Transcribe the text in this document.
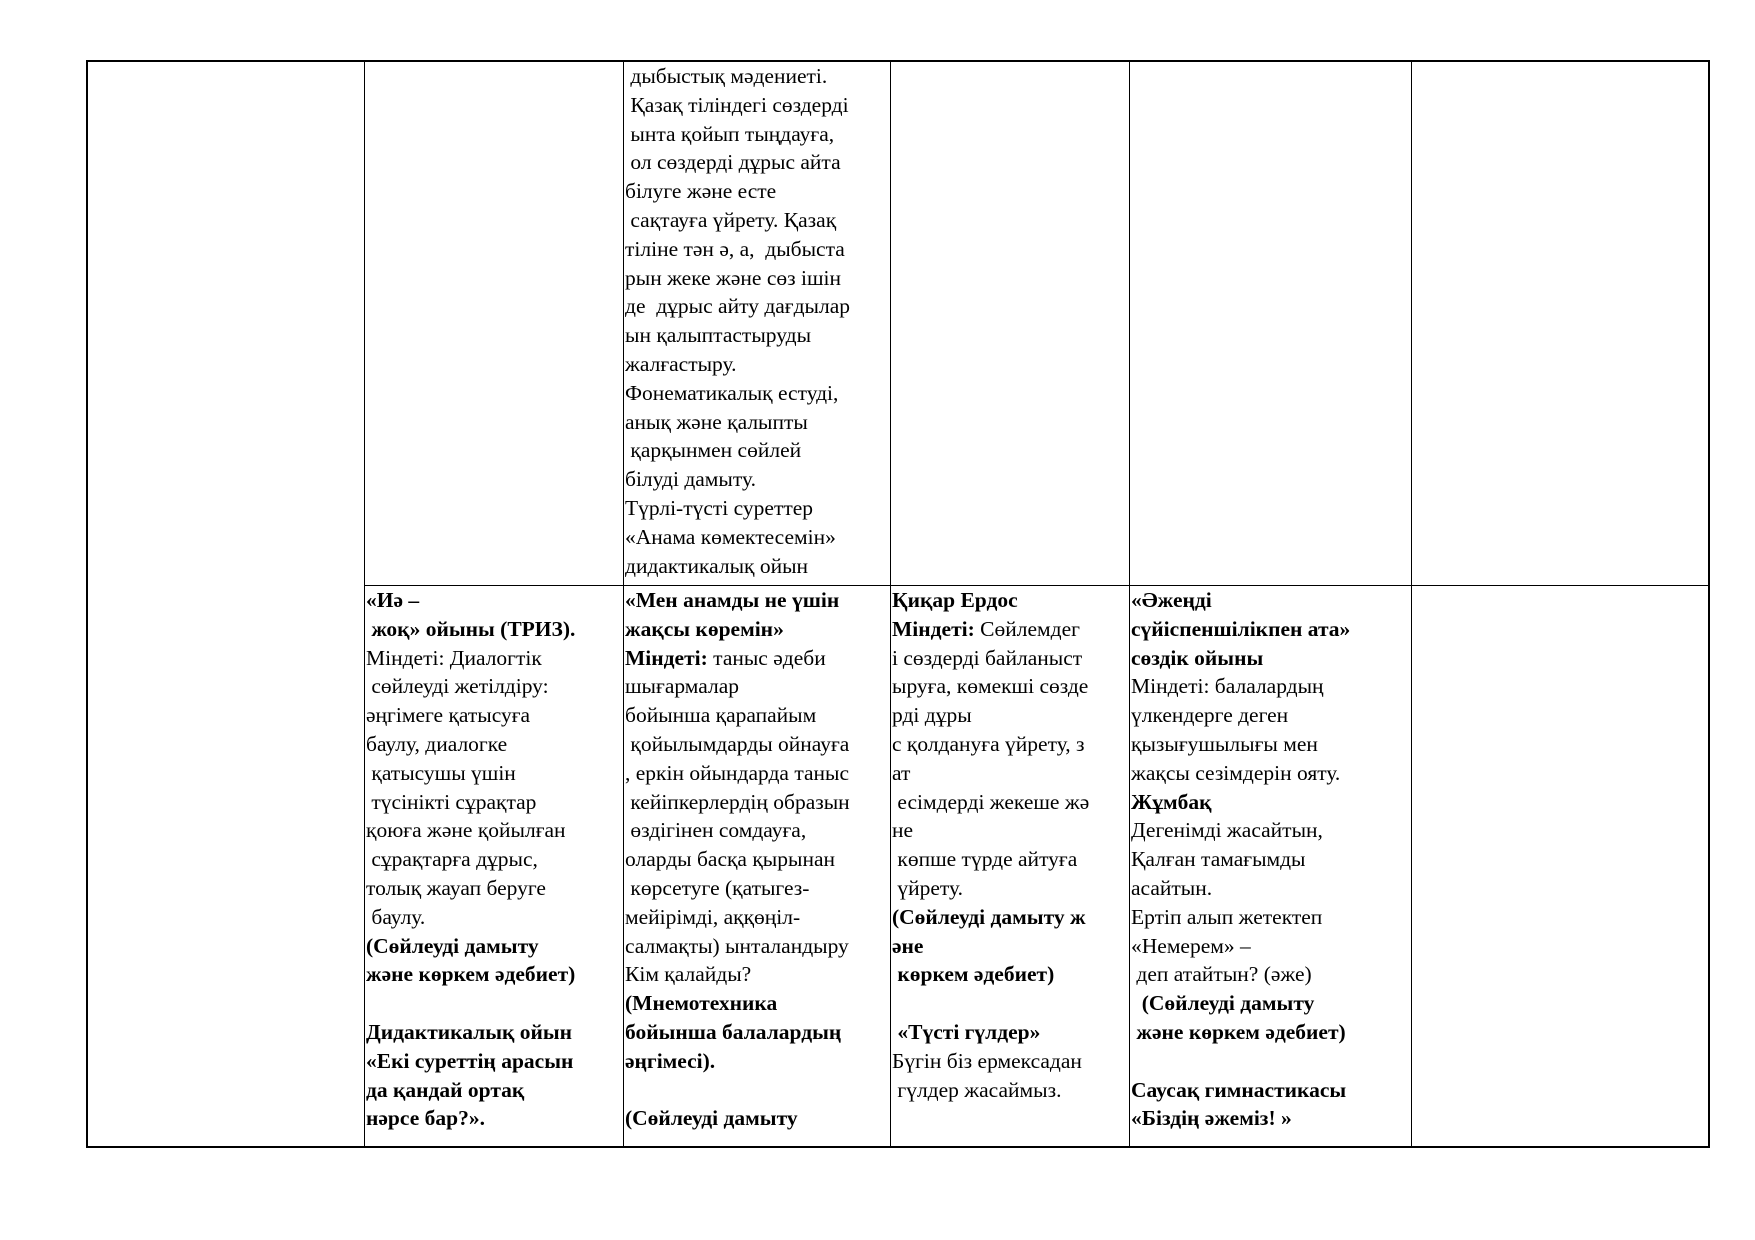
дыбыстық мәдениеті.
Қазақ тіліндегі сөздерді
ынта қойып тыңдауға,
ол сөздерді дұрыс айта
білуге және есте
сақтауға үйрету. Қазақ
тіліне тән ә, а,  дыбыста
рын жеке және сөз ішін
де  дұрыс айту дағдылар
ын қалыптастыруды
жалғастыру.
Фонематикалық естуді,
анық және қалыпты
қарқынмен сөйлей
білуді дамыту.
Түрлі-түсті суреттер
«Анама көмектесемін»
дидактикалық ойын
«Иә –
жоқ» ойыны (ТРИЗ).
Міндеті: Диалогтік
сөйлеуді жетілдіру:
әңгімеге қатысуға
баулу, диалогке
қатысушы үшін
түсінікті сұрақтар
қоюға және қойылған
сұрақтарға дұрыс,
толық жауап беруге
баулу.
(Сөйлеуді дамыту
және көркем әдебиет)

Дидактикалық ойын
«Екі суреттің арасын
да қандай ортақ
нәрсе бар?».
«Мен анамды не үшін
жақсы көремін»
Міндеті: таныс әдеби
шығармалар
бойынша қарапайым
қойылымдарды ойнауға
, еркін ойындарда таныс
кейіпкерлердің образын
өздігінен сомдауға,
оларды басқа қырынан
көрсетуге (қатыгез-
мейірімді, аққөңіл-
салмақты) ынталандыру
Кім қалайды?
(Мнемотехника
бойынша балалардың
әңгімесі).

(Сөйлеуді дамыту
Қиқар Ердос
Міндеті: Сөйлемдег
і сөздерді байланыст
ыруға, көмекші сөзде
рді дұры
с қолдануға үйрету, з
ат
есімдерді жекеше жә
не
көпше түрде айтуға
үйрету.
(Сөйлеуді дамыту ж
әне
көркем әдебиет)

«Түсті гүлдер»
Бүгін біз ермексадан
гүлдер жасаймыз.
«Әжеңді
сүйіспеншілікпен ата»
сөздік ойыны
Міндеті: балалардың
үлкендерге деген
қызығушылығы мен
жақсы сезімдерін ояту.
Жұмбақ
Дегенімді жасайтын,
Қалған тамағымды
асайтын.
Ертіп алып жетектеп
«Немерем» –
деп атайтын? (әже)
(Сөйлеуді дамыту
және көркем әдебиет)

Саусақ гимнастикасы
«Біздің әжеміз! »
